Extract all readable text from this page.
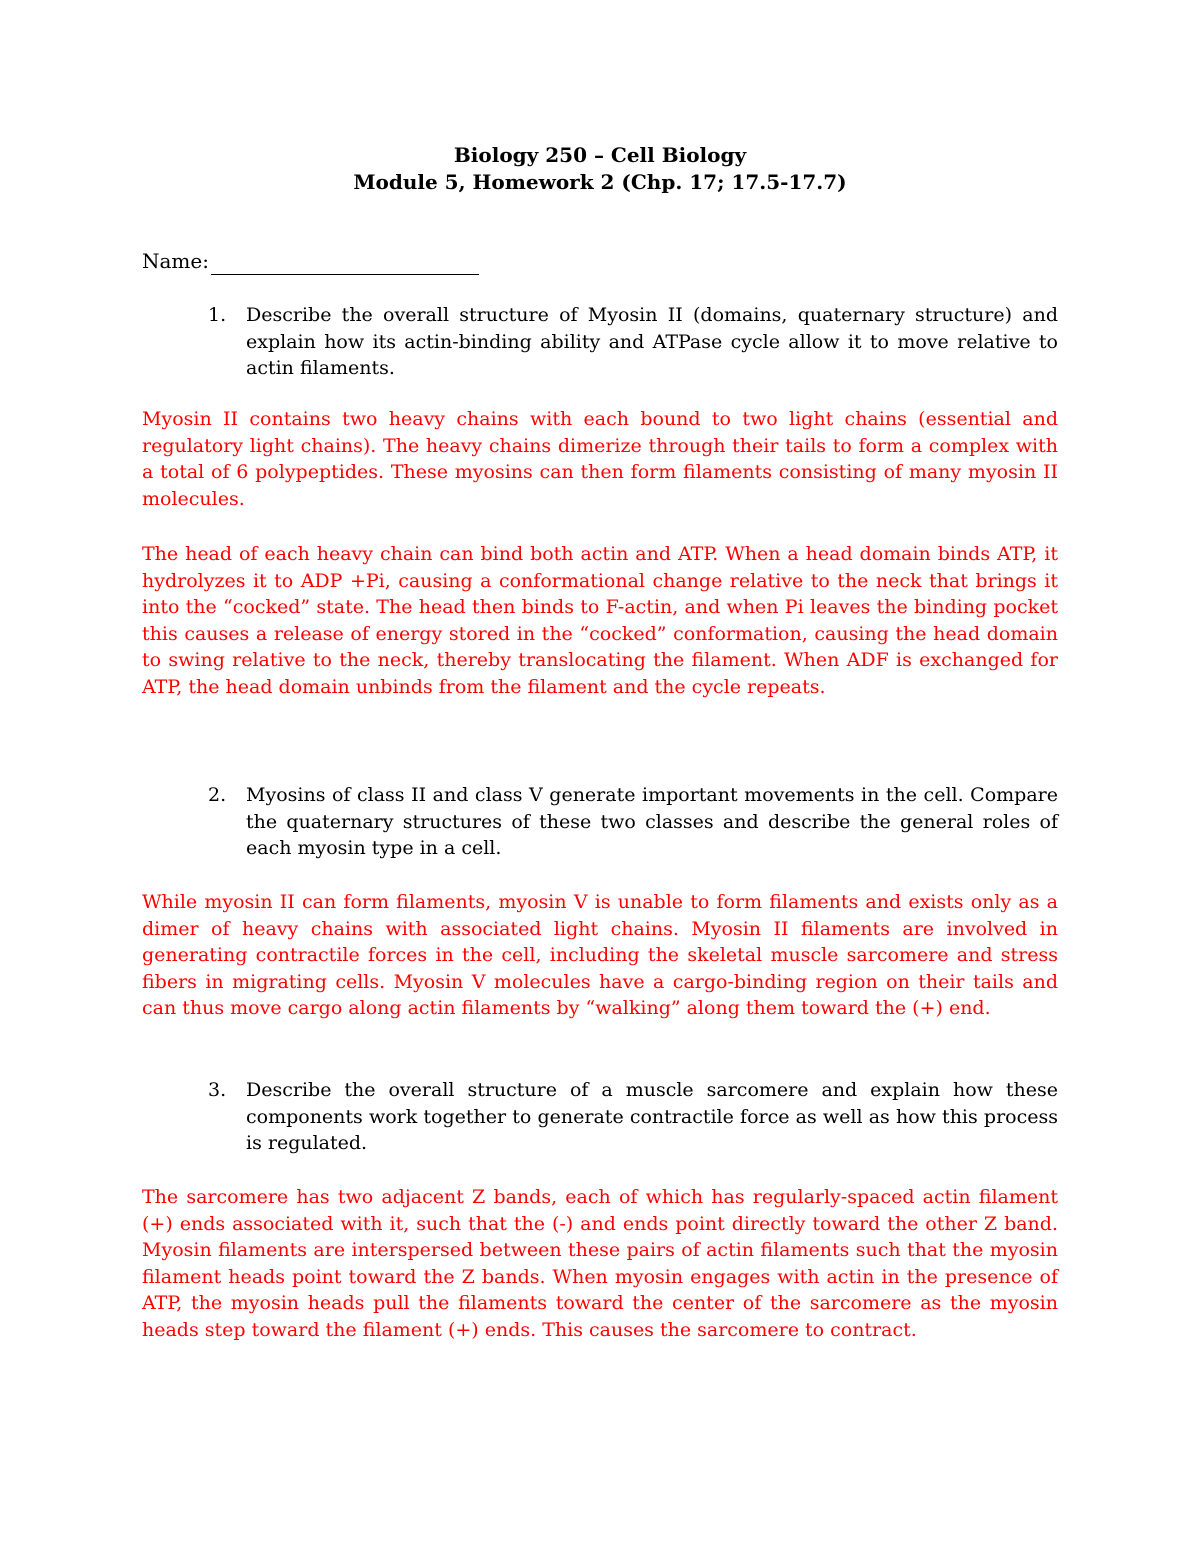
Biology 250 – Cell Biology
Module 5, Homework 2 (Chp. 17; 17.5-17.7)
Name:
1. Describe the overall structure of Myosin II (domains, quaternary structure) and explain how its actin-binding ability and ATPase cycle allow it to move relative to actin filaments.
Myosin II contains two heavy chains with each bound to two light chains (essential and regulatory light chains). The heavy chains dimerize through their tails to form a complex with a total of 6 polypeptides. These myosins can then form filaments consisting of many myosin II molecules.
The head of each heavy chain can bind both actin and ATP. When a head domain binds ATP, it hydrolyzes it to ADP +Pi, causing a conformational change relative to the neck that brings it into the “cocked” state. The head then binds to F-actin, and when Pi leaves the binding pocket this causes a release of energy stored in the “cocked” conformation, causing the head domain to swing relative to the neck, thereby translocating the filament. When ADF is exchanged for ATP, the head domain unbinds from the filament and the cycle repeats.
2. Myosins of class II and class V generate important movements in the cell. Compare the quaternary structures of these two classes and describe the general roles of each myosin type in a cell.
While myosin II can form filaments, myosin V is unable to form filaments and exists only as a dimer of heavy chains with associated light chains. Myosin II filaments are involved in generating contractile forces in the cell, including the skeletal muscle sarcomere and stress fibers in migrating cells. Myosin V molecules have a cargo-binding region on their tails and can thus move cargo along actin filaments by “walking” along them toward the (+) end.
3. Describe the overall structure of a muscle sarcomere and explain how these components work together to generate contractile force as well as how this process is regulated.
The sarcomere has two adjacent Z bands, each of which has regularly-spaced actin filament (+) ends associated with it, such that the (-) and ends point directly toward the other Z band. Myosin filaments are interspersed between these pairs of actin filaments such that the myosin filament heads point toward the Z bands. When myosin engages with actin in the presence of ATP, the myosin heads pull the filaments toward the center of the sarcomere as the myosin heads step toward the filament (+) ends. This causes the sarcomere to contract.
